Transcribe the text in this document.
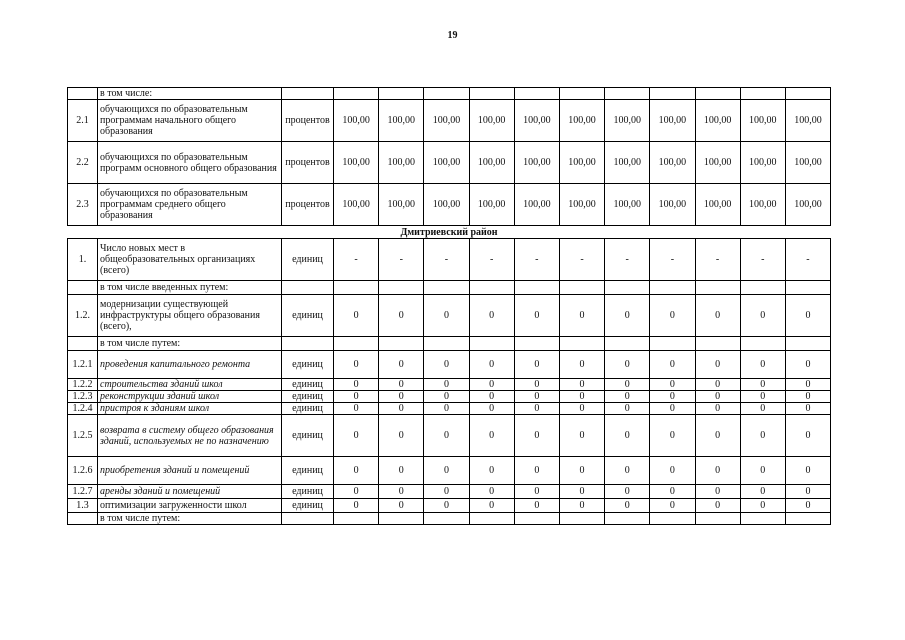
19
	в том числе:												
2.1	обучающихся по образовательным программам начального общего образования	процентов	100,00	100,00	100,00	100,00	100,00	100,00	100,00	100,00	100,00	100,00	100,00
2.2	обучающихся по образовательным программ основного общего образования	процентов	100,00	100,00	100,00	100,00	100,00	100,00	100,00	100,00	100,00	100,00	100,00
2.3	обучающихся по образовательным программам среднего общего образования	процентов	100,00	100,00	100,00	100,00	100,00	100,00	100,00	100,00	100,00	100,00	100,00
Дмитриевский район													
1.	Число новых мест в общеобразовательных организациях (всего)	единиц	-	-	-	-	-	-	-	-	-	-	-
	в том числе введенных путем:												
1.2.	модернизации существующей инфраструктуры общего образования (всего),	единиц	0	0	0	0	0	0	0	0	0	0	0
	в том числе путем:												
1.2.1	проведения капитального ремонта	единиц	0	0	0	0	0	0	0	0	0	0	0
1.2.2	строительства зданий школ	единиц	0	0	0	0	0	0	0	0	0	0	0
1.2.3	реконструкции зданий школ	единиц	0	0	0	0	0	0	0	0	0	0	0
1.2.4	пристроя к зданиям школ	единиц	0	0	0	0	0	0	0	0	0	0	0
1.2.5	возврата в систему общего образования зданий, используемых не по назначению	единиц	0	0	0	0	0	0	0	0	0	0	0
1.2.6	приобретения зданий и помещений	единиц	0	0	0	0	0	0	0	0	0	0	0
1.2.7	аренды зданий и помещений	единиц	0	0	0	0	0	0	0	0	0	0	0
1.3	оптимизации загруженности школ	единиц	0	0	0	0	0	0	0	0	0	0	0
	в том числе путем:												
